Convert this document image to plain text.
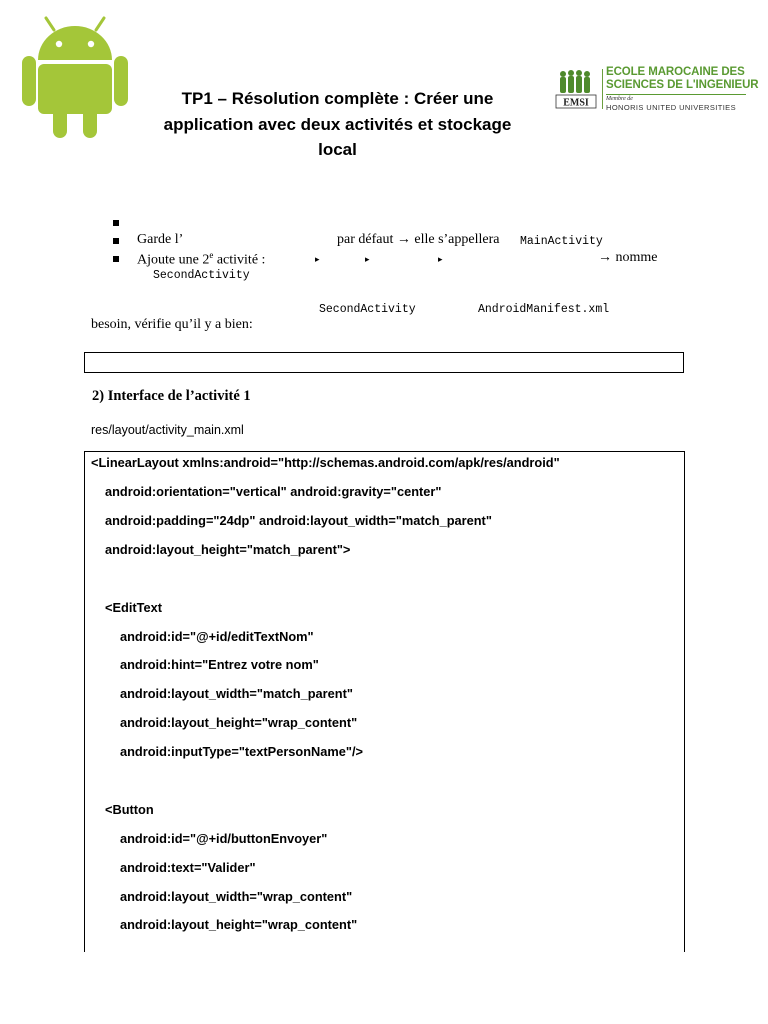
TP1 – Résolution complète : Créer une
application avec deux activités et stockage
local
EMSI
ECOLE MAROCAINE DES
SCIENCES DE L'INGENIEUR
Membre de
HONORIS UNITED UNIVERSITIES
Garde l’	par défaut → elle s’appellera MainActivity
Ajoute une 2e activité :	▸	▸	▸	→ nomme
SecondActivity
SecondActivity	AndroidManifest.xml
besoin, vérifie qu’il y a bien:
2) Interface de l’activité 1
res/layout/activity_main.xml
<LinearLayout xmlns:android="http://schemas.android.com/apk/res/android"
android:orientation="vertical" android:gravity="center"
android:padding="24dp" android:layout_width="match_parent"
android:layout_height="match_parent">
<EditText
android:id="@+id/editTextNom"
android:hint="Entrez votre nom"
android:layout_width="match_parent"
android:layout_height="wrap_content"
android:inputType="textPersonName"/>
<Button
android:id="@+id/buttonEnvoyer"
android:text="Valider"
android:layout_width="wrap_content"
android:layout_height="wrap_content"
